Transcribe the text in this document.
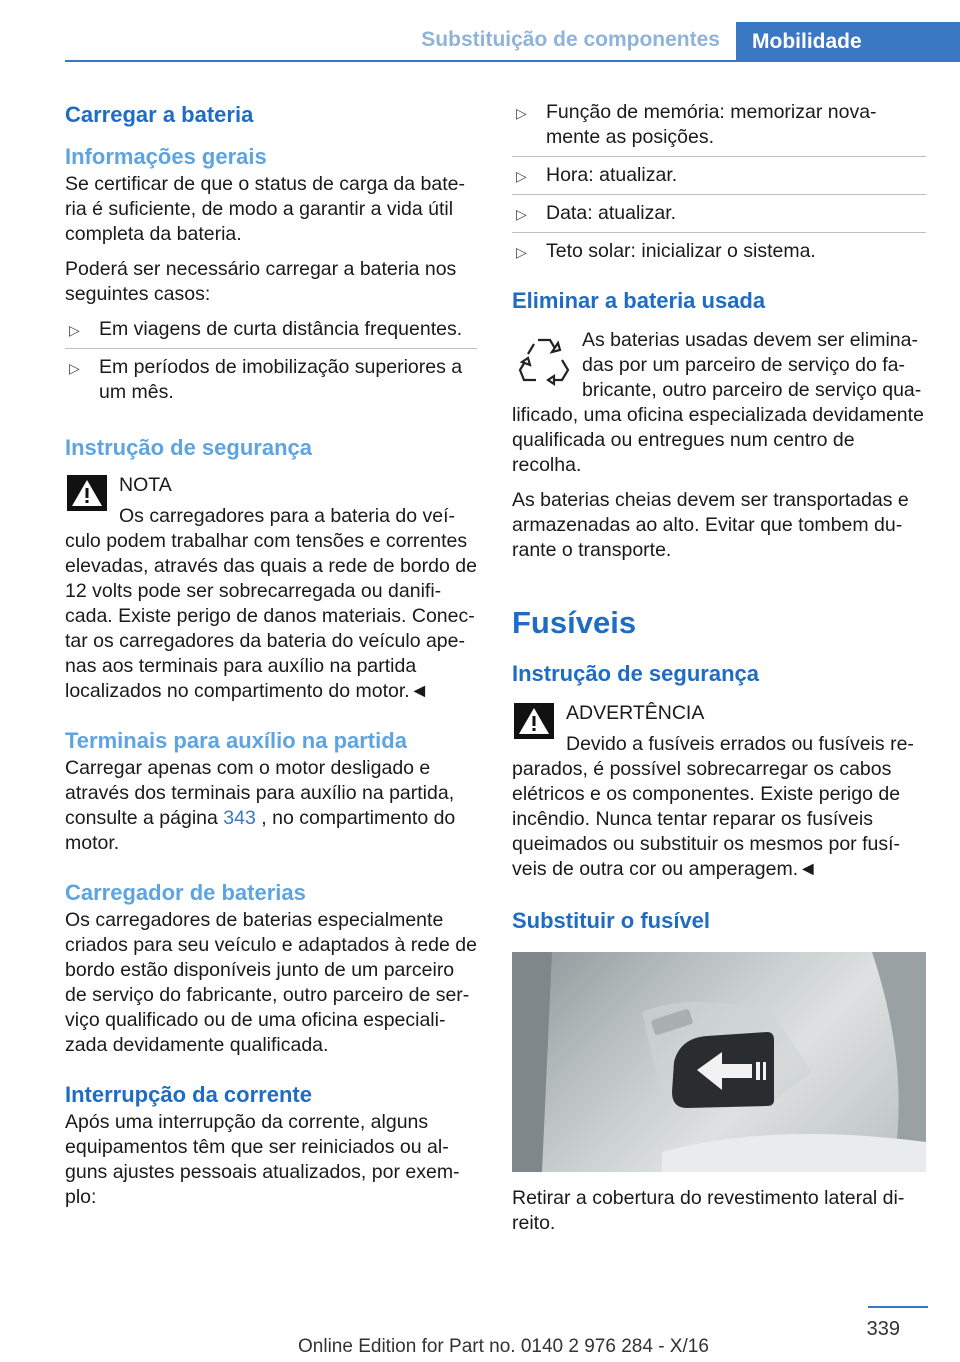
Substituição de componentes	Mobilidade
Carregar a bateria
Informações gerais

Se certificar de que o status de carga da bate-ria é suficiente, de modo a garantir a vida útil completa da bateria.

Poderá ser necessário carregar a bateria nos seguintes casos:

▷ Em viagens de curta distância frequentes.
▷ Em períodos de imobilização superiores a um mês.
Instrução de segurança

NOTA

Os carregadores para a bateria do veí-culo podem trabalhar com tensões e correntes elevadas, através das quais a rede de bordo de 12 volts pode ser sobrecarregada ou danifi-cada. Existe perigo de danos materiais. Conec-tar os carregadores da bateria do veículo ape-nas aos terminais para auxílio na partida localizados no compartimento do motor.◄

Terminais para auxílio na partida

Carregar apenas com o motor desligado e através dos terminais para auxílio na partida, consulte a página 343 , no compartimento do motor.

Carregador de baterias

Os carregadores de baterias especialmente criados para seu veículo e adaptados à rede de bordo estão disponíveis junto de um parceiro de serviço do fabricante, outro parceiro de ser-viço qualificado ou de uma oficina especiali-zada devidamente qualificada.

Interrupção da corrente

Após uma interrupção da corrente, alguns equipamentos têm que ser reiniciados ou al-guns ajustes pessoais atualizados, por exem-plo:

▷ Função de memória: memorizar nova-mente as posições.
▷ Hora: atualizar.
▷ Data: atualizar.
▷ Teto solar: inicializar o sistema.
Eliminar a bateria usada

As baterias usadas devem ser elimina-das por um parceiro de serviço do fa-bricante, outro parceiro de serviço qua-lificado, uma oficina especializada devidamente qualificada ou entregues num centro de recolha.

As baterias cheias devem ser transportadas e armazenadas ao alto. Evitar que tombem du-rante o transporte.

Fusíveis
Instrução de segurança

ADVERTÊNCIA

Devido a fusíveis errados ou fusíveis re-parados, é possível sobrecarregar os cabos elétricos e os componentes. Existe perigo de incêndio. Nunca tentar reparar os fusíveis queimados ou substituir os mesmos por fusí-veis de outra cor ou amperagem.◄

Substituir o fusível

Retirar a cobertura do revestimento lateral di-reito.

339
Online Edition for Part no. 0140 2 976 284 - X/16
